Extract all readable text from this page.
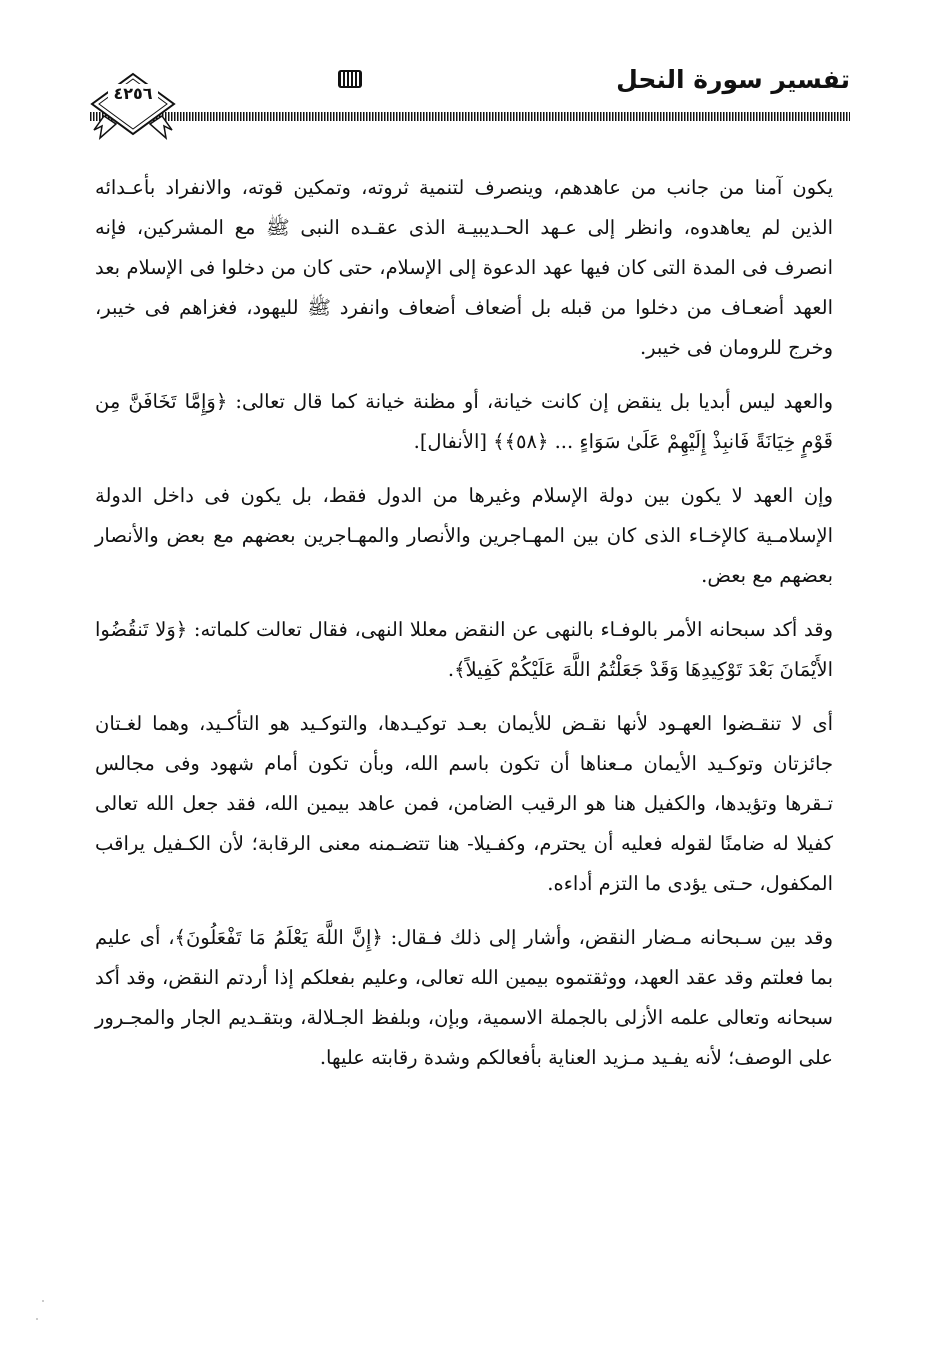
تفسير سورة النحل
٤٢٥٦

يكون آمنا من جانب من عاهدهم، وينصرف لتنمية ثروته، وتمكين قوته، والانفراد بأعـدائه الذين لم يعاهدوه، وانظر إلى عـهد الحـديبيـة الذى عقـده النبى ﷺ مع المشركين، فإنه انصرف فى المدة التى كان فيها عهد الدعوة إلى الإسلام، حتى كان من دخلوا فى الإسلام بعد العهد أضعـاف من دخلوا من قبله بل أضعاف أضعاف وانفرد ﷺ لليهود، فغزاهم فى خيبر، وخرج للرومان فى خيبر.

والعهد ليس أبديا بل ينقض إن كانت خيانة، أو مظنة خيانة كما قال تعالى: ﴿وَإِمَّا تَخَافَنَّ مِن قَوْمٍ خِيَانَةً فَانبِذْ إِلَيْهِمْ عَلَىٰ سَوَاءٍ ... ﴿٥٨﴾﴾ [الأنفال].

وإن العهد لا يكون بين دولة الإسلام وغيرها من الدول فقط، بل يكون فى داخل الدولة الإسلامـية كالإخـاء الذى كان بين المهـاجرين والأنصار والمهـاجرين بعضهم مع بعض والأنصار بعضهم مع بعض.

وقد أكد سبحانه الأمر بالوفـاء بالنهى عن النقض معللا النهى، فقال تعالت كلماته: ﴿وَلا تَنقُضُوا الأَيْمَانَ بَعْدَ تَوْكِيدِهَا وَقَدْ جَعَلْتُمُ اللَّهَ عَلَيْكُمْ كَفِيلاً﴾.

أى لا تنقـضوا العهـود لأنها نقـض للأيمان بعـد توكيـدها، والتوكـيد هو التأكـيد، وهما لغـتان جائزتان وتوكـيد الأيمان مـعناها أن تكون باسم الله، وبأن تكون أمام شهود وفى مجالس تـقرها وتؤيدها، والكفيل هنا هو الرقيب الضامن، فمن عاهد بيمين الله، فقد جعل الله تعالى كفيلا له ضامنًا لقوله فعليه أن يحترم، وكفـيلا- هنا تتضـمنه معنى الرقابة؛ لأن الكـفيل يراقب المكفول، حـتى يؤدى ما التزم أداءه.

وقد بين سـبحانه مـضار النقض، وأشار إلى ذلك فـقال: ﴿إِنَّ اللَّهَ يَعْلَمُ مَا تَفْعَلُونَ﴾، أى عليم بما فعلتم وقد عقد العهد، ووثقتموه بيمين الله تعالى، وعليم بفعلكم إذا أردتم النقض، وقد أكد سبحانه وتعالى علمه الأزلى بالجملة الاسمية، وبإن، وبلفظ الجـلالة، وبتقـديم الجار والمجـرور على الوصف؛ لأنه يفـيد مـزيد العناية بأفعالكم وشدة رقابته عليها.
